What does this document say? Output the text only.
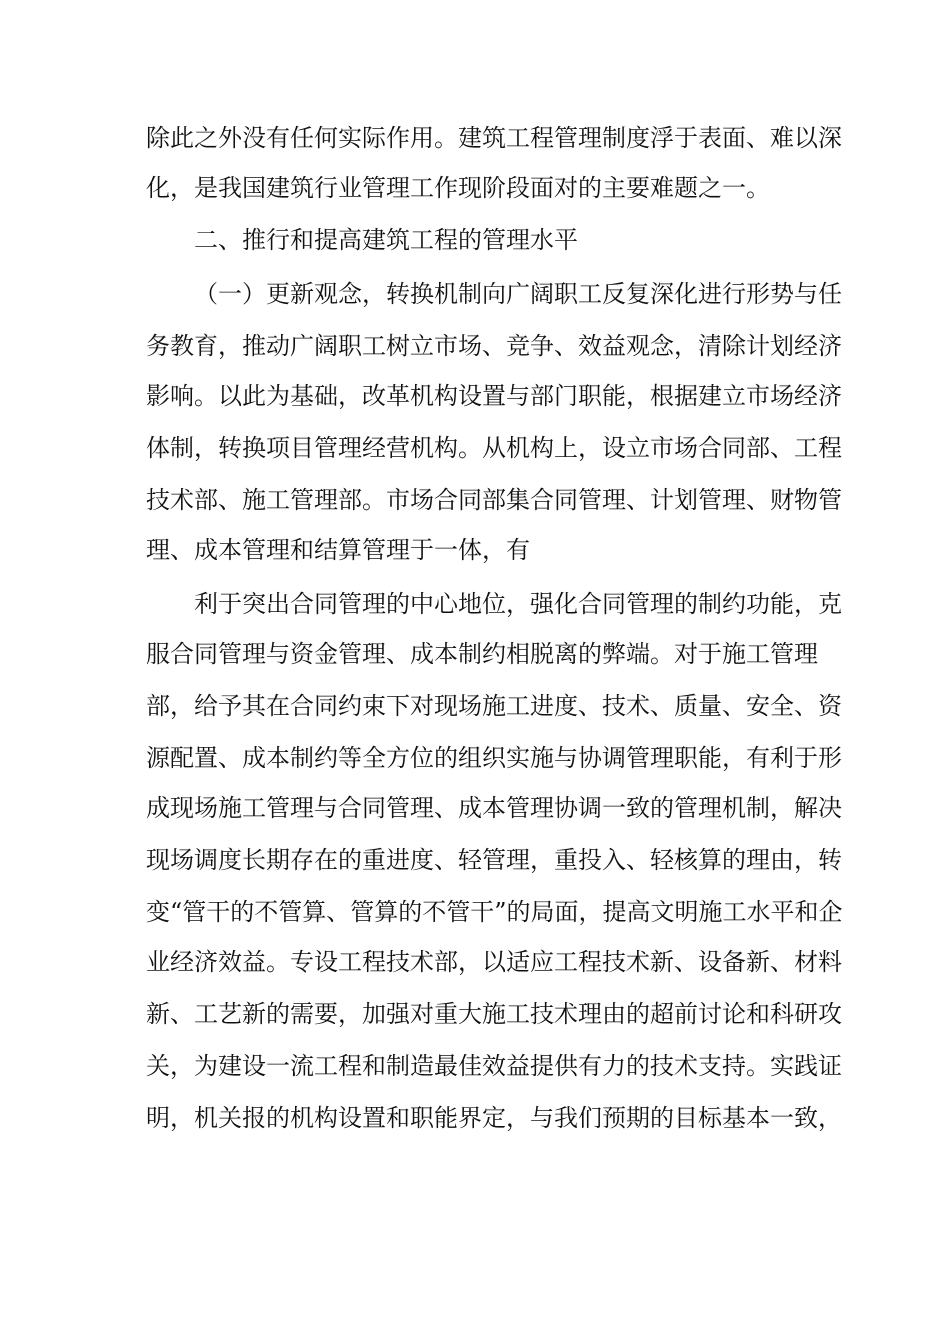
除此之外没有任何实际作用。建筑工程管理制度浮于表面、难以深
化，是我国建筑行业管理工作现阶段面对的主要难题之一。
二、推行和提高建筑工程的管理水平
（一）更新观念，转换机制向广阔职工反复深化进行形势与任
务教育，推动广阔职工树立市场、竞争、效益观念，清除计划经济
影响。以此为基础，改革机构设置与部门职能，根据建立市场经济
体制，转换项目管理经营机构。从机构上，设立市场合同部、工程
技术部、施工管理部。市场合同部集合同管理、计划管理、财物管
理、成本管理和结算管理于一体，有
利于突出合同管理的中心地位，强化合同管理的制约功能，克
服合同管理与资金管理、成本制约相脱离的弊端。对于施工管理
部，给予其在合同约束下对现场施工进度、技术、质量、安全、资
源配置、成本制约等全方位的组织实施与协调管理职能，有利于形
成现场施工管理与合同管理、成本管理协调一致的管理机制，解决
现场调度长期存在的重进度、轻管理，重投入、轻核算的理由，转
变“管干的不管算、管算的不管干”的局面，提高文明施工水平和企
业经济效益。专设工程技术部，以适应工程技术新、设备新、材料
新、工艺新的需要，加强对重大施工技术理由的超前讨论和科研攻
关，为建设一流工程和制造最佳效益提供有力的技术支持。实践证
明，机关报的机构设置和职能界定，与我们预期的目标基本一致，
